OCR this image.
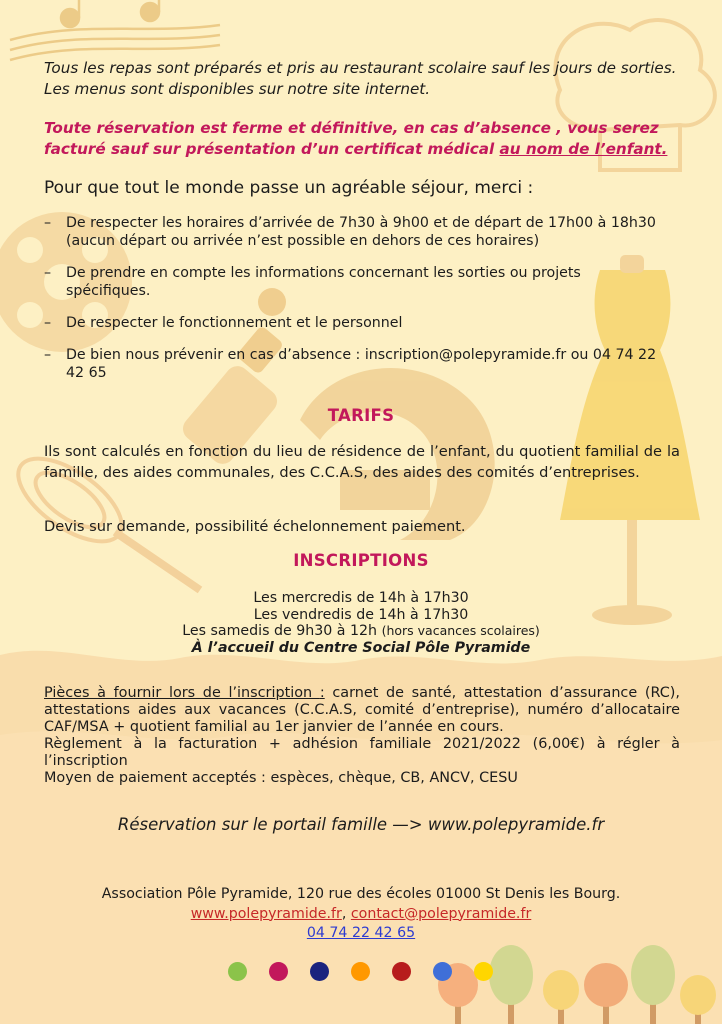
Tous les repas sont préparés et pris au restaurant scolaire sauf les jours de sorties. Les menus sont disponibles sur notre site internet.

Toute réservation est ferme et définitive, en cas d’absence , vous serez facturé sauf sur présentation d’un certificat médical au nom de l’enfant.

Pour que tout le monde passe un agréable séjour, merci :

– De respecter les horaires d’arrivée de 7h30 à 9h00 et de départ de 17h00 à 18h30 (aucun départ ou arrivée n’est possible en dehors de ces horaires)
– De prendre en compte les informations concernant les sorties ou projets spécifiques.
– De respecter le fonctionnement et le personnel
– De bien nous prévenir en cas d’absence : inscription@polepyramide.fr ou 04 74 22 42 65
TARIFS

Ils sont calculés en fonction du lieu de résidence de l’enfant, du quotient familial de la famille, des aides communales, des C.C.A.S, des aides des comités d’entreprises.

Devis sur demande, possibilité échelonnement paiement.

INSCRIPTIONS
Les mercredis de 14h à 17h30
Les vendredis de 14h à 17h30
Les samedis de 9h30 à 12h (hors vacances scolaires)
À l’accueil du Centre Social Pôle Pyramide
Pièces à fournir lors de l’inscription : carnet de santé, attestation d’assurance (RC), attestations aides aux vacances (C.C.A.S, comité d’entreprise), numéro d’allocataire CAF/MSA + quotient familial au 1er janvier de l’année en cours.
Règlement à la facturation + adhésion familiale 2021/2022 (6,00€) à régler à l’inscription
Moyen de paiement acceptés : espèces, chèque, CB, ANCV, CESU

Réservation sur le portail famille —> www.polepyramide.fr

Association Pôle Pyramide, 120 rue des écoles 01000 St Denis les Bourg.
www.polepyramide.fr, contact@polepyramide.fr
04 74 22 42 65
